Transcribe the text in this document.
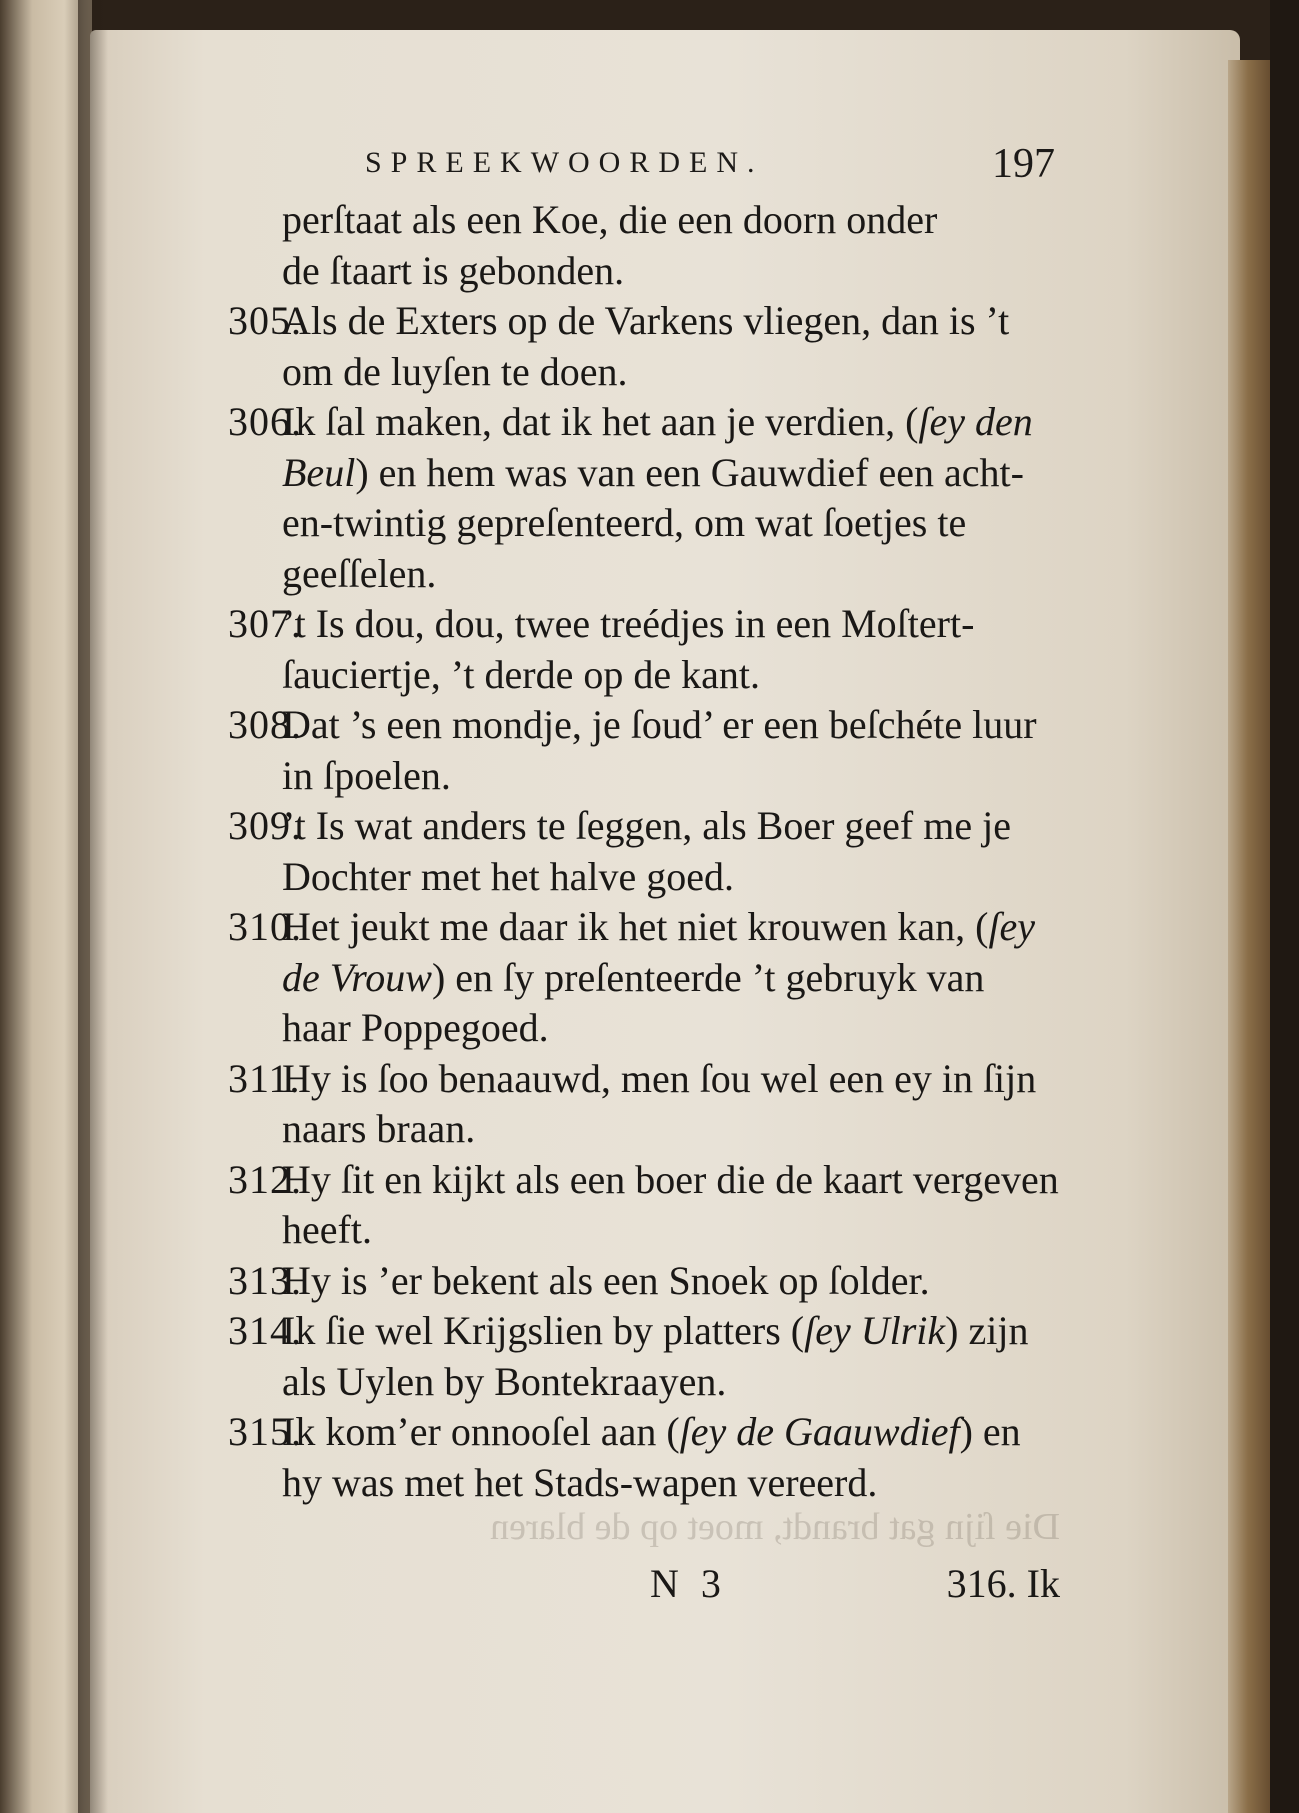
Die ſijn gat brandt, moet op de blaren
SPREEKWOORDEN.	197
perſtaat als een Koe, die een doorn onder
de ſtaart is gebonden.
305.
Als de Exters op de Varkens vliegen, dan is ’t om de luyſen te doen.
306.
Ik ſal maken, dat ik het aan je verdien, (ſey den Beul) en hem was van een Gauwdief een acht-en-twintig gepreſenteerd, om wat ſoetjes te geeſſelen.
307.
’t Is dou, dou, twee treédjes in een Moſtert-ſauciertje, ’t derde op de kant.
308.
Dat ’s een mondje, je ſoud’ er een beſchéte luur in ſpoelen.
309.
’t Is wat anders te ſeggen, als Boer geef me je Dochter met het halve goed.
310.
Het jeukt me daar ik het niet krouwen kan, (ſey de Vrouw) en ſy preſenteerde ’t gebruyk van haar Poppegoed.
311.
Hy is ſoo benaauwd, men ſou wel een ey in ſijn naars braan.
312.
Hy ſit en kijkt als een boer die de kaart vergeven heeft.
313.
Hy is ’er bekent als een Snoek op ſolder.
314.
Ik ſie wel Krijgslien by platters (ſey Ulrik) zijn als Uylen by Bontekraayen.
315.
Ik kom’er onnooſel aan (ſey de Gaauwdief) en hy was met het Stads-wapen vereerd.
N 3	316. Ik
